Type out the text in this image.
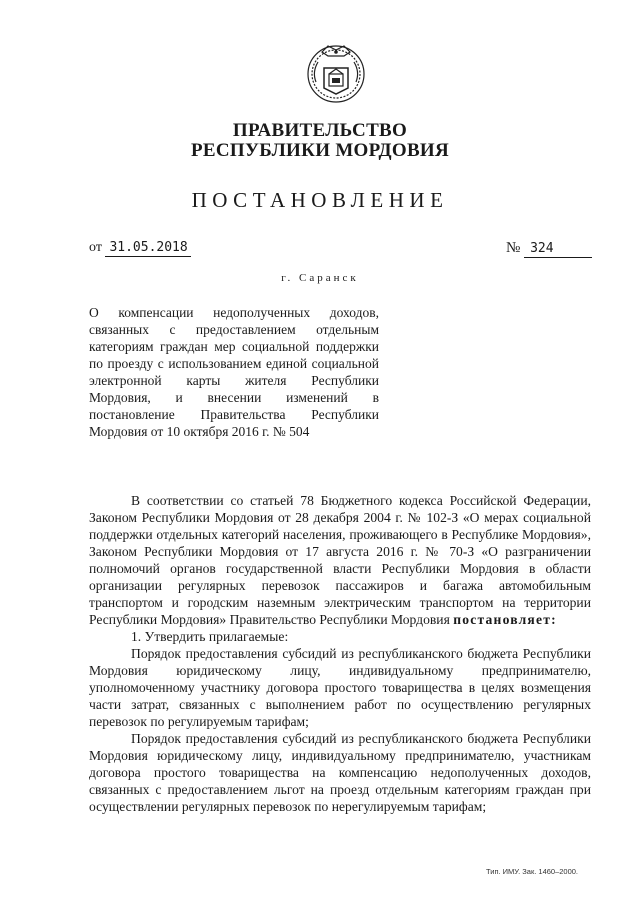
ПРАВИТЕЛЬСТВО
РЕСПУБЛИКИ МОРДОВИЯ
ПОСТАНОВЛЕНИЕ
от 31.05.2018	№ 324
г. Саранск
О компенсации недополученных доходов, связанных с предоставлением отдельным категориям граждан мер социальной поддержки по проезду с использованием единой социальной электронной карты жителя Республики Мордовия, и внесении изменений в постановление Правительства Республики Мордовия от 10 октября 2016 г. № 504

В соответствии со статьей 78 Бюджетного кодекса Российской Федерации, Законом Республики Мордовия от 28 декабря 2004 г. № 102-З «О мерах социальной поддержки отдельных категорий населения, проживающего в Республике Мордовия», Законом Республики Мордовия от 17 августа 2016 г. № 70-З «О разграничении полномочий органов государственной власти Республики Мордовия в области организации регулярных перевозок пассажиров и багажа автомобильным транспортом и городским наземным электрическим транспортом на территории Республики Мордовия» Правительство Республики Мордовия постановляет:

1. Утвердить прилагаемые:

Порядок предоставления субсидий из республиканского бюджета Республики Мордовия юридическому лицу, индивидуальному предпринимателю, уполномоченному участнику договора простого товарищества в целях возмещения части затрат, связанных с выполнением работ по осуществлению регулярных перевозок по регулируемым тарифам;

Порядок предоставления субсидий из республиканского бюджета Республики Мордовия юридическому лицу, индивидуальному предпринимателю, участникам договора простого товарищества на компенсацию недополученных доходов, связанных с предоставлением льгот на проезд отдельным категориям граждан при осуществлении регулярных перевозок по нерегулируемым тарифам;

Тип. ИМУ. Зак. 1460–2000.
